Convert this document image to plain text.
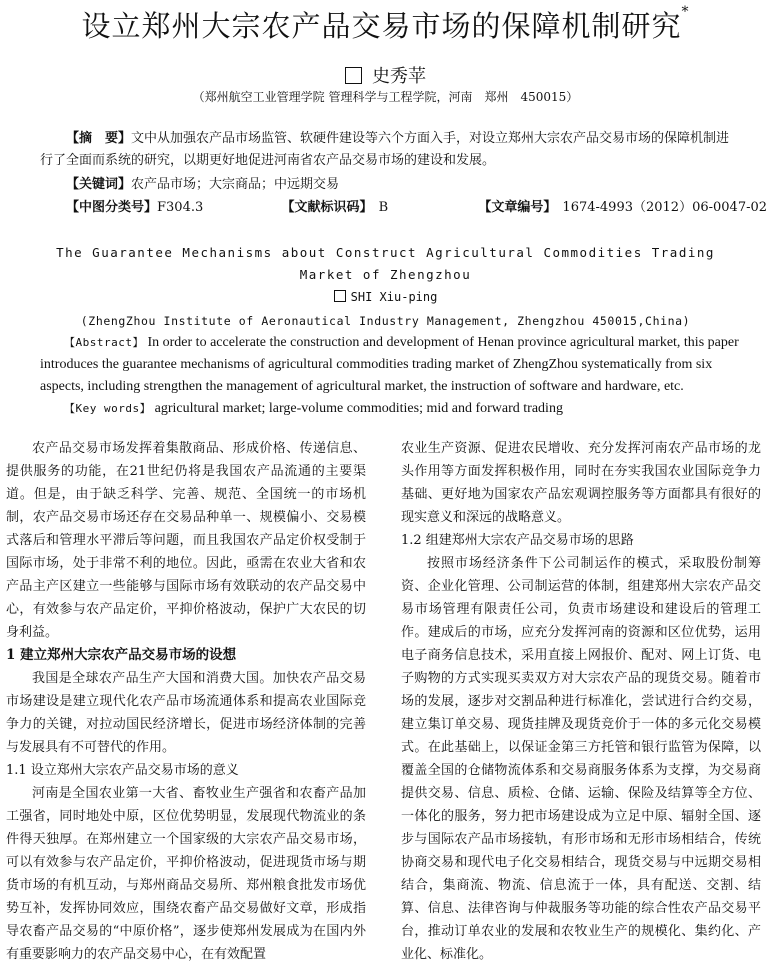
设立郑州大宗农产品交易市场的保障机制研究*
史秀苹
（郑州航空工业管理学院 管理科学与工程学院，河南　郑州　450015）
【摘　要】文中从加强农产品市场监管、软硬件建设等六个方面入手，对设立郑州大宗农产品交易市场的保障机制进行了全面而系统的研究，以期更好地促进河南省农产品交易市场的建设和发展。
【关键词】农产品市场；大宗商品；中远期交易
【中图分类号】F304.3	【文献标识码】 B	【文章编号】 1674-4993（2012）06-0047-02
The Guarantee Mechanisms about Construct Agricultural Commodities Trading Market of Zhengzhou
SHI Xiu-ping
(ZhengZhou Institute of Aeronautical Industry Management, Zhengzhou 450015,China)
【Abstract】 In order to accelerate the construction and development of Henan province agricultural market, this paper introduces the guarantee mechanisms of agricultural commodities trading market of ZhengZhou systematically from six aspects, including strengthen the management of agricultural market, the instruction of software and hardware, etc.
【Key words】 agricultural market; large-volume commodities; mid and forward trading

农产品交易市场发挥着集散商品、形成价格、传递信息、提供服务的功能，在21世纪仍将是我国农产品流通的主要渠道。但是，由于缺乏科学、完善、规范、全国统一的市场机制，农产品交易市场还存在交易品种单一、规模偏小、交易模式落后和管理水平滞后等问题，而且我国农产品定价权受制于国际市场，处于非常不利的地位。因此，亟需在农业大省和农产品主产区建立一些能够与国际市场有效联动的农产品交易中心，有效参与农产品定价，平抑价格波动，保护广大农民的切身利益。

1 建立郑州大宗农产品交易市场的设想

我国是全球农产品生产大国和消费大国。加快农产品交易市场建设是建立现代化农产品市场流通体系和提高农业国际竞争力的关键，对拉动国民经济增长，促进市场经济体制的完善与发展具有不可替代的作用。

1.1 设立郑州大宗农产品交易市场的意义

河南是全国农业第一大省、畜牧业生产强省和农畜产品加工强省，同时地处中原，区位优势明显，发展现代物流业的条件得天独厚。在郑州建立一个国家级的大宗农产品交易市场，可以有效参与农产品定价，平抑价格波动，促进现货市场与期货市场的有机互动，与郑州商品交易所、郑州粮食批发市场优势互补，发挥协同效应，围绕农畜产品交易做好文章，形成指导农畜产品交易的“中原价格”，逐步使郑州发展成为在国内外有重要影响力的农产品交易中心，在有效配置

农业生产资源、促进农民增收、充分发挥河南农产品市场的龙头作用等方面发挥积极作用，同时在夯实我国农业国际竞争力基础、更好地为国家农产品宏观调控服务等方面都具有很好的现实意义和深远的战略意义。

1.2 组建郑州大宗农产品交易市场的思路

按照市场经济条件下公司制运作的模式，采取股份制筹资、企业化管理、公司制运营的体制，组建郑州大宗农产品交易市场管理有限责任公司，负责市场建设和建设后的管理工作。建成后的市场，应充分发挥河南的资源和区位优势，运用电子商务信息技术，采用直接上网报价、配对、网上订货、电子购物的方式实现买卖双方对大宗农产品的现货交易。随着市场的发展，逐步对交割品种进行标准化，尝试进行合约交易，建立集订单交易、现货挂牌及现货竞价于一体的多元化交易模式。在此基础上，以保证金第三方托管和银行监管为保障，以覆盖全国的仓储物流体系和交易商服务体系为支撑，为交易商提供交易、信息、质检、仓储、运输、保险及结算等全方位、一体化的服务，努力把市场建设成为立足中原、辐射全国、逐步与国际农产品市场接轨，有形市场和无形市场相结合，传统协商交易和现代电子化交易相结合，现货交易与中远期交易相结合，集商流、物流、信息流于一体，具有配送、交割、结算、信息、法律咨询与仲裁服务等功能的综合性农产品交易平台，推动订单农业的发展和农牧业生产的规模化、集约化、产业化、标准化。
